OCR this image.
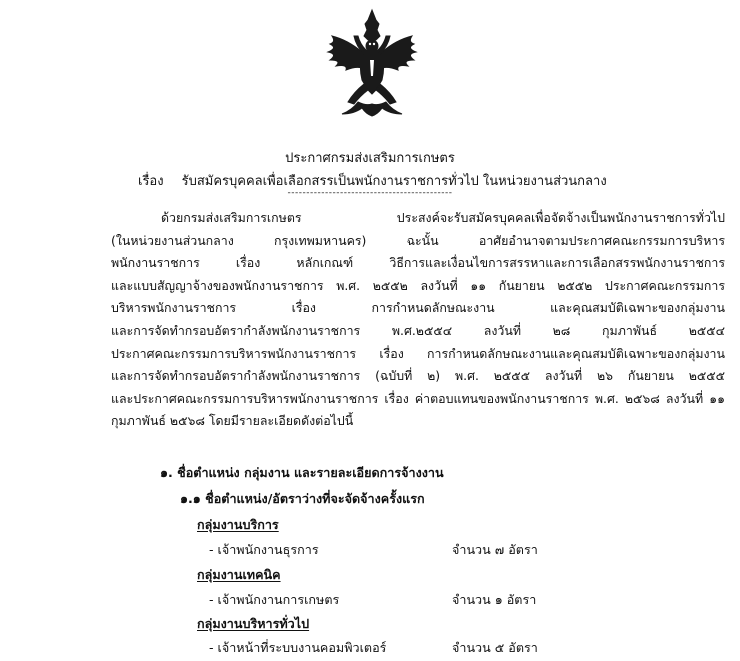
ประกาศกรมส่งเสริมการเกษตร
เรื่อง รับสมัครบุคคลเพื่อเลือกสรรเป็นพนักงานราชการทั่วไป ในหน่วยงานส่วนกลาง
--------------------------------------------
ด้วยกรมส่งเสริมการเกษตร ประสงค์จะรับสมัครบุคคลเพื่อจัดจ้างเป็นพนักงานราชการทั่วไป
(ในหน่วยงานส่วนกลาง กรุงเทพมหานคร) ฉะนั้น อาศัยอำนาจตามประกาศคณะกรรมการบริหาร
พนักงานราชการ เรื่อง หลักเกณฑ์ วิธีการและเงื่อนไขการสรรหาและการเลือกสรรพนักงานราชการ
และแบบสัญญาจ้างของพนักงานราชการ พ.ศ. ๒๕๕๒ ลงวันที่ ๑๑ กันยายน ๒๕๕๒ ประกาศคณะกรรมการ
บริหารพนักงานราชการ เรื่อง การกำหนดลักษณะงาน และคุณสมบัติเฉพาะของกลุ่มงาน
และการจัดทำกรอบอัตรากำลังพนักงานราชการ พ.ศ.๒๕๕๔ ลงวันที่ ๒๘ กุมภาพันธ์ ๒๕๕๔
ประกาศคณะกรรมการบริหารพนักงานราชการ เรื่อง การกำหนดลักษณะงานและคุณสมบัติเฉพาะของกลุ่มงาน
และการจัดทำกรอบอัตรากำลังพนักงานราชการ (ฉบับที่ ๒) พ.ศ. ๒๕๕๕ ลงวันที่ ๒๖ กันยายน ๒๕๕๕
และประกาศคณะกรรมการบริหารพนักงานราชการ เรื่อง ค่าตอบแทนของพนักงานราชการ พ.ศ. ๒๕๖๘ ลงวันที่ ๑๑
กุมภาพันธ์ ๒๕๖๘ โดยมีรายละเอียดดังต่อไปนี้
๑. ชื่อตำแหน่ง กลุ่มงาน และรายละเอียดการจ้างงาน
๑.๑ ชื่อตำแหน่ง/อัตราว่างที่จะจัดจ้างครั้งแรก
กลุ่มงานบริการ
- เจ้าพนักงานธุรการ	จำนวน ๗ อัตรา
กลุ่มงานเทคนิค
- เจ้าพนักงานการเกษตร	จำนวน ๑ อัตรา
กลุ่มงานบริหารทั่วไป
- เจ้าหน้าที่ระบบงานคอมพิวเตอร์	จำนวน ๕ อัตรา
